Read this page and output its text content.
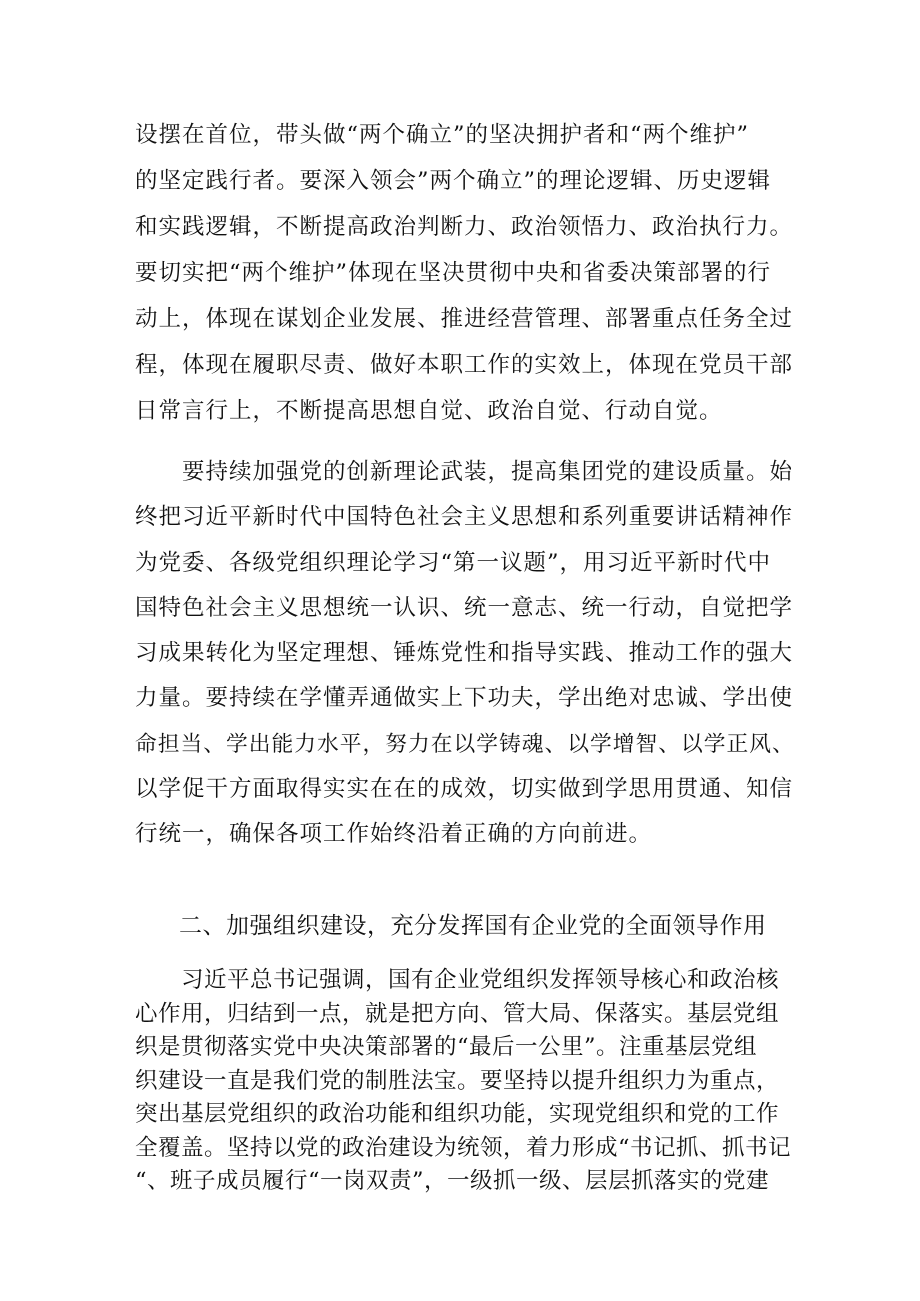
设摆在首位，带头做“两个确立”的坚决拥护者和“两个维护”
的坚定践行者。要深入领会”两个确立”的理论逻辑、历史逻辑
和实践逻辑，不断提高政治判断力、政治领悟力、政治执行力。
要切实把“两个维护”体现在坚决贯彻中央和省委决策部署的行
动上，体现在谋划企业发展、推进经营管理、部署重点任务全过
程，体现在履职尽责、做好本职工作的实效上，体现在党员干部
日常言行上，不断提高思想自觉、政治自觉、行动自觉。
　　要持续加强党的创新理论武装，提高集团党的建设质量。始
终把习近平新时代中国特色社会主义思想和系列重要讲话精神作
为党委、各级党组织理论学习“第一议题”，用习近平新时代中
国特色社会主义思想统一认识、统一意志、统一行动，自觉把学
习成果转化为坚定理想、锤炼党性和指导实践、推动工作的强大
力量。要持续在学懂弄通做实上下功夫，学出绝对忠诚、学出使
命担当、学出能力水平，努力在以学铸魂、以学增智、以学正风、
以学促干方面取得实实在在的成效，切实做到学思用贯通、知信
行统一，确保各项工作始终沿着正确的方向前进。
二、加强组织建设，充分发挥国有企业党的全面领导作用
　　习近平总书记强调，国有企业党组织发挥领导核心和政治核
心作用，归结到一点，就是把方向、管大局、保落实。基层党组
织是贯彻落实党中央决策部署的“最后一公里”。注重基层党组
织建设一直是我们党的制胜法宝。要坚持以提升组织力为重点，
突出基层党组织的政治功能和组织功能，实现党组织和党的工作
全覆盖。坚持以党的政治建设为统领，着力形成“书记抓、抓书记
“、班子成员履行“一岗双责”，一级抓一级、层层抓落实的党建
